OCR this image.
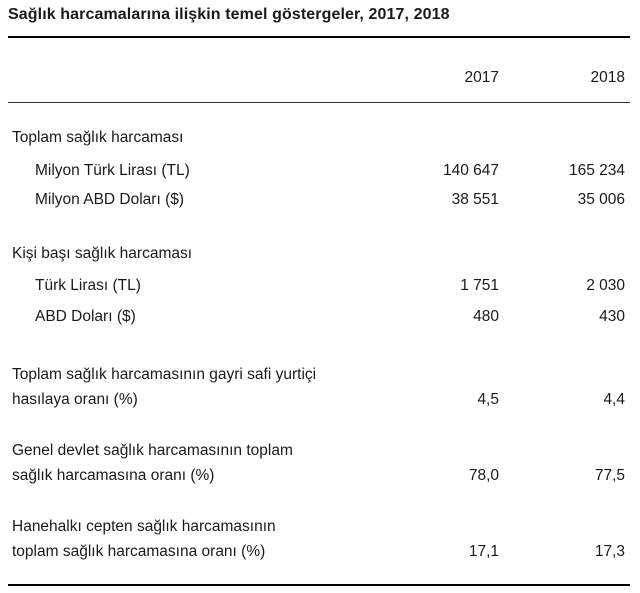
Sağlık harcamalarına ilişkin temel göstergeler, 2017, 2018
2017	2018
Toplam sağlık harcaması
Milyon Türk Lirası (TL)	140 647	165 234
Milyon ABD Doları ($)	38 551	35 006
Kişi başı sağlık harcaması
Türk Lirası (TL)	1 751	2 030
ABD Doları ($)	480	430
Toplam sağlık harcamasının gayri safi yurtiçi
hasılaya oranı (%)	4,5	4,4
Genel devlet sağlık harcamasının toplam
sağlık harcamasına oranı (%)	78,0	77,5
Hanehalkı cepten sağlık harcamasının
toplam sağlık harcamasına oranı (%)	17,1	17,3
